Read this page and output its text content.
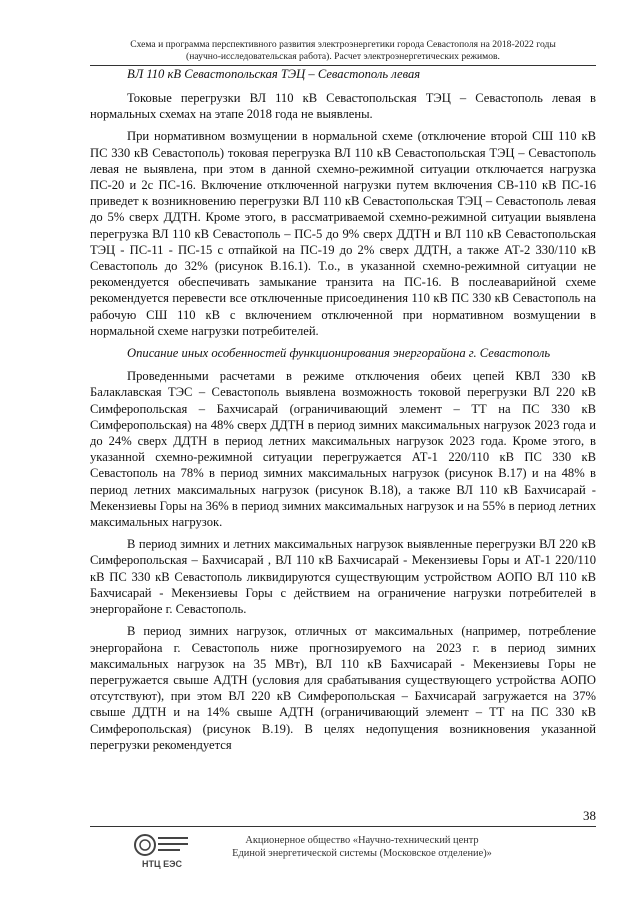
Схема и программа перспективного развития электроэнергетики города Севастополя на 2018-2022 годы
(научно-исследовательская работа). Расчет электроэнергетических режимов.
ВЛ 110 кВ Севастопольская ТЭЦ – Севастополь левая

Токовые перегрузки ВЛ 110 кВ Севастопольская ТЭЦ – Севастополь левая в нормальных схемах на этапе 2018 года не выявлены.

При нормативном возмущении в нормальной схеме (отключение второй СШ 110 кВ ПС 330 кВ Севастополь) токовая перегрузка ВЛ 110 кВ Севастопольская ТЭЦ – Севастополь левая не выявлена, при этом в данной схемно-режимной ситуации отключается нагрузка ПС-20 и 2с ПС-16. Включение отключенной нагрузки путем включения СВ-110 кВ ПС-16 приведет к возникновению перегрузки ВЛ 110 кВ Севастопольская ТЭЦ – Севастополь левая до 5% сверх ДДТН. Кроме этого, в рассматриваемой схемно-режимной ситуации выявлена перегрузка ВЛ 110 кВ Севастополь – ПС-5 до 9% сверх ДДТН и ВЛ 110 кВ Севастопольская ТЭЦ - ПС-11 - ПС-15 с отпайкой на ПС-19 до 2% сверх ДДТН, а также АТ-2 330/110 кВ Севастополь до 32% (рисунок В.16.1). Т.о., в указанной схемно-режимной ситуации не рекомендуется обеспечивать замыкание транзита на ПС-16. В послеаварийной схеме рекомендуется перевести все отключенные присоединения 110 кВ ПС 330 кВ Севастополь на рабочую СШ 110 кВ с включением отключенной при нормативном возмущении в нормальной схеме нагрузки потребителей.

Описание иных особенностей функционирования энергорайона г. Севастополь

Проведенными расчетами в режиме отключения обеих цепей КВЛ 330 кВ Балаклавская ТЭС – Севастополь выявлена возможность токовой перегрузки ВЛ 220 кВ Симферопольская – Бахчисарай (ограничивающий элемент – ТТ на ПС 330 кВ Симферопольская) на 48% сверх ДДТН в период зимних максимальных нагрузок 2023 года и до 24% сверх ДДТН в период летних максимальных нагрузок 2023 года. Кроме этого, в указанной схемно-режимной ситуации перегружается АТ-1 220/110 кВ ПС 330 кВ Севастополь на 78% в период зимних максимальных нагрузок (рисунок В.17) и на 48% в период летних максимальных нагрузок (рисунок В.18), а также ВЛ 110 кВ Бахчисарай - Мекензиевы Горы на 36% в период зимних максимальных нагрузок и на 55% в период летних максимальных нагрузок.

В период зимних и летних максимальных нагрузок выявленные перегрузки ВЛ 220 кВ Симферопольская – Бахчисарай , ВЛ 110 кВ Бахчисарай - Мекензиевы Горы и АТ-1 220/110 кВ ПС 330 кВ Севастополь ликвидируются существующим устройством АОПО ВЛ 110 кВ Бахчисарай - Мекензиевы Горы с действием на ограничение нагрузки потребителей в энергорайоне г. Севастополь.

В период зимних нагрузок, отличных от максимальных (например, потребление энергорайона г. Севастополь ниже прогнозируемого на 2023 г. в период зимних максимальных нагрузок на 35 МВт), ВЛ 110 кВ Бахчисарай - Мекензиевы Горы не перегружается свыше АДТН (условия для срабатывания существующего устройства АОПО отсутствуют), при этом ВЛ 220 кВ Симферопольская – Бахчисарай загружается на 37% свыше ДДТН и на 14% свыше АДТН (ограничивающий элемент – ТТ на ПС 330 кВ Симферопольская) (рисунок В.19). В целях недопущения возникновения указанной перегрузки рекомендуется

38
НТЦ ЕЭС
Акционерное общество «Научно-технический центр
Единой энергетической системы (Московское отделение)»
